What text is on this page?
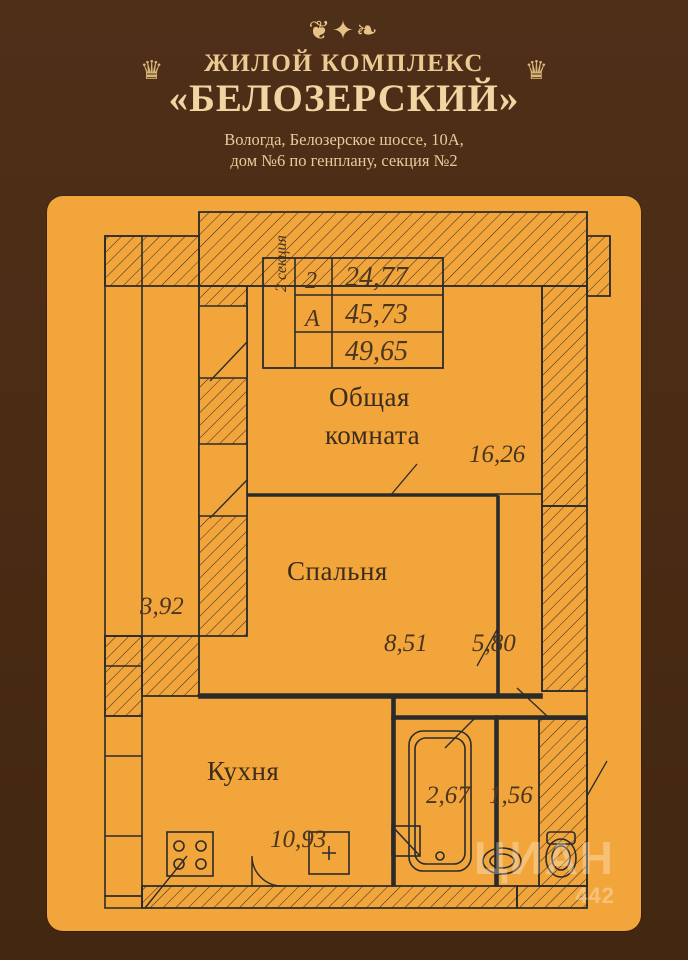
❦✦❧
ЖИЛОЙ КОМПЛЕКС
«БЕЛОЗЕРСКИЙ»
Вологда, Белозерское шоссе, 10А,
дом №6 по генплану, секция №2
♛	♛
2 секция 2
А
24,77
45,73
49,65
Общая
комната
Спальня
Кухня
3,92
16,26
8,51 5,80
2,67 1,56
10,93	ЦИАН
442
